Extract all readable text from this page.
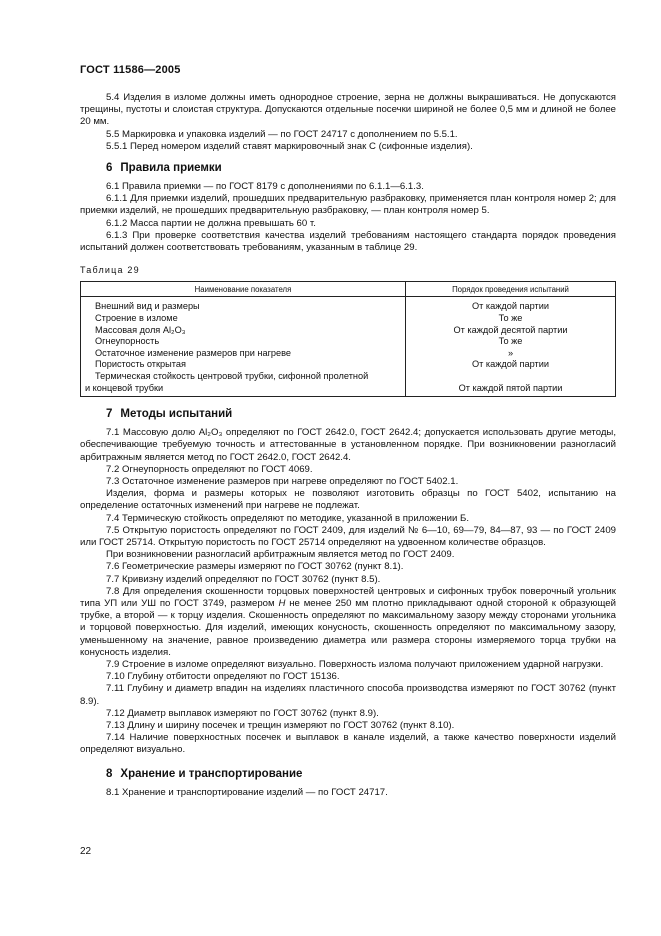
ГОСТ 11586—2005

5.4 Изделия в изломе должны иметь однородное строение, зерна не должны выкрашиваться. Не допускаются трещины, пустоты и слоистая структура. Допускаются отдельные посечки шириной не более 0,5 мм и длиной не более 20 мм.

5.5 Маркировка и упаковка изделий — по ГОСТ 24717 с дополнением по 5.5.1.

5.5.1 Перед номером изделий ставят маркировочный знак С (сифонные изделия).

6 Правила приемки

6.1 Правила приемки — по ГОСТ 8179 с дополнениями по 6.1.1—6.1.3.

6.1.1 Для приемки изделий, прошедших предварительную разбраковку, применяется план контроля номер 2; для приемки изделий, не прошедших предварительную разбраковку, — план контроля номер 5.

6.1.2 Масса партии не должна превышать 60 т.

6.1.3 При проверке соответствия качества изделий требованиям настоящего стандарта порядок проведения испытаний должен соответствовать требованиям, указанным в таблице 29.

Таблица 29
Наименование показателя	Порядок проведения испытаний
Внешний вид и размеры	От каждой партии
Строение в изломе	То же
Массовая доля Al₂O₃	От каждой десятой партии
Огнеупорность	То же
Остаточное изменение размеров при нагреве	»
Пористость открытая	От каждой партии
Термическая стойкость центровой трубки, сифонной пролетной	
и концевой трубки	От каждой пятой партии
7 Методы испытаний

7.1 Массовую долю Al₂O₃ определяют по ГОСТ 2642.0, ГОСТ 2642.4; допускается использовать другие методы, обеспечивающие требуемую точность и аттестованные в установленном порядке. При возникновении разногласий арбитражным является метод по ГОСТ 2642.0, ГОСТ 2642.4.

7.2 Огнеупорность определяют по ГОСТ 4069.

7.3 Остаточное изменение размеров при нагреве определяют по ГОСТ 5402.1.

Изделия, форма и размеры которых не позволяют изготовить образцы по ГОСТ 5402, испытанию на определение остаточных изменений при нагреве не подлежат.

7.4 Термическую стойкость определяют по методике, указанной в приложении Б.

7.5 Открытую пористость определяют по ГОСТ 2409, для изделий № 6—10, 69—79, 84—87, 93 — по ГОСТ 2409 или ГОСТ 25714. Открытую пористость по ГОСТ 25714 определяют на удвоенном количестве образцов.

При возникновении разногласий арбитражным является метод по ГОСТ 2409.

7.6 Геометрические размеры измеряют по ГОСТ 30762 (пункт 8.1).

7.7 Кривизну изделий определяют по ГОСТ 30762 (пункт 8.5).

7.8 Для определения скошенности торцовых поверхностей центровых и сифонных трубок поверочный угольник типа УП или УШ по ГОСТ 3749, размером Н не менее 250 мм плотно прикладывают одной стороной к образующей трубке, а второй — к торцу изделия. Скошенность определяют по максимальному зазору между сторонами угольника и торцовой поверхностью. Для изделий, имеющих конусность, скошенность определяют по максимальному зазору, уменьшенному на значение, равное произведению диаметра или размера стороны измеряемого торца трубки на конусность изделия.

7.9 Строение в изломе определяют визуально. Поверхность излома получают приложением ударной нагрузки.

7.10 Глубину отбитости определяют по ГОСТ 15136.

7.11 Глубину и диаметр впадин на изделиях пластичного способа производства измеряют по ГОСТ 30762 (пункт 8.9).

7.12 Диаметр выплавок измеряют по ГОСТ 30762 (пункт 8.9).

7.13 Длину и ширину посечек и трещин измеряют по ГОСТ 30762 (пункт 8.10).

7.14 Наличие поверхностных посечек и выплавок в канале изделий, а также качество поверхности изделий определяют визуально.

8 Хранение и транспортирование

8.1 Хранение и транспортирование изделий — по ГОСТ 24717.

22
